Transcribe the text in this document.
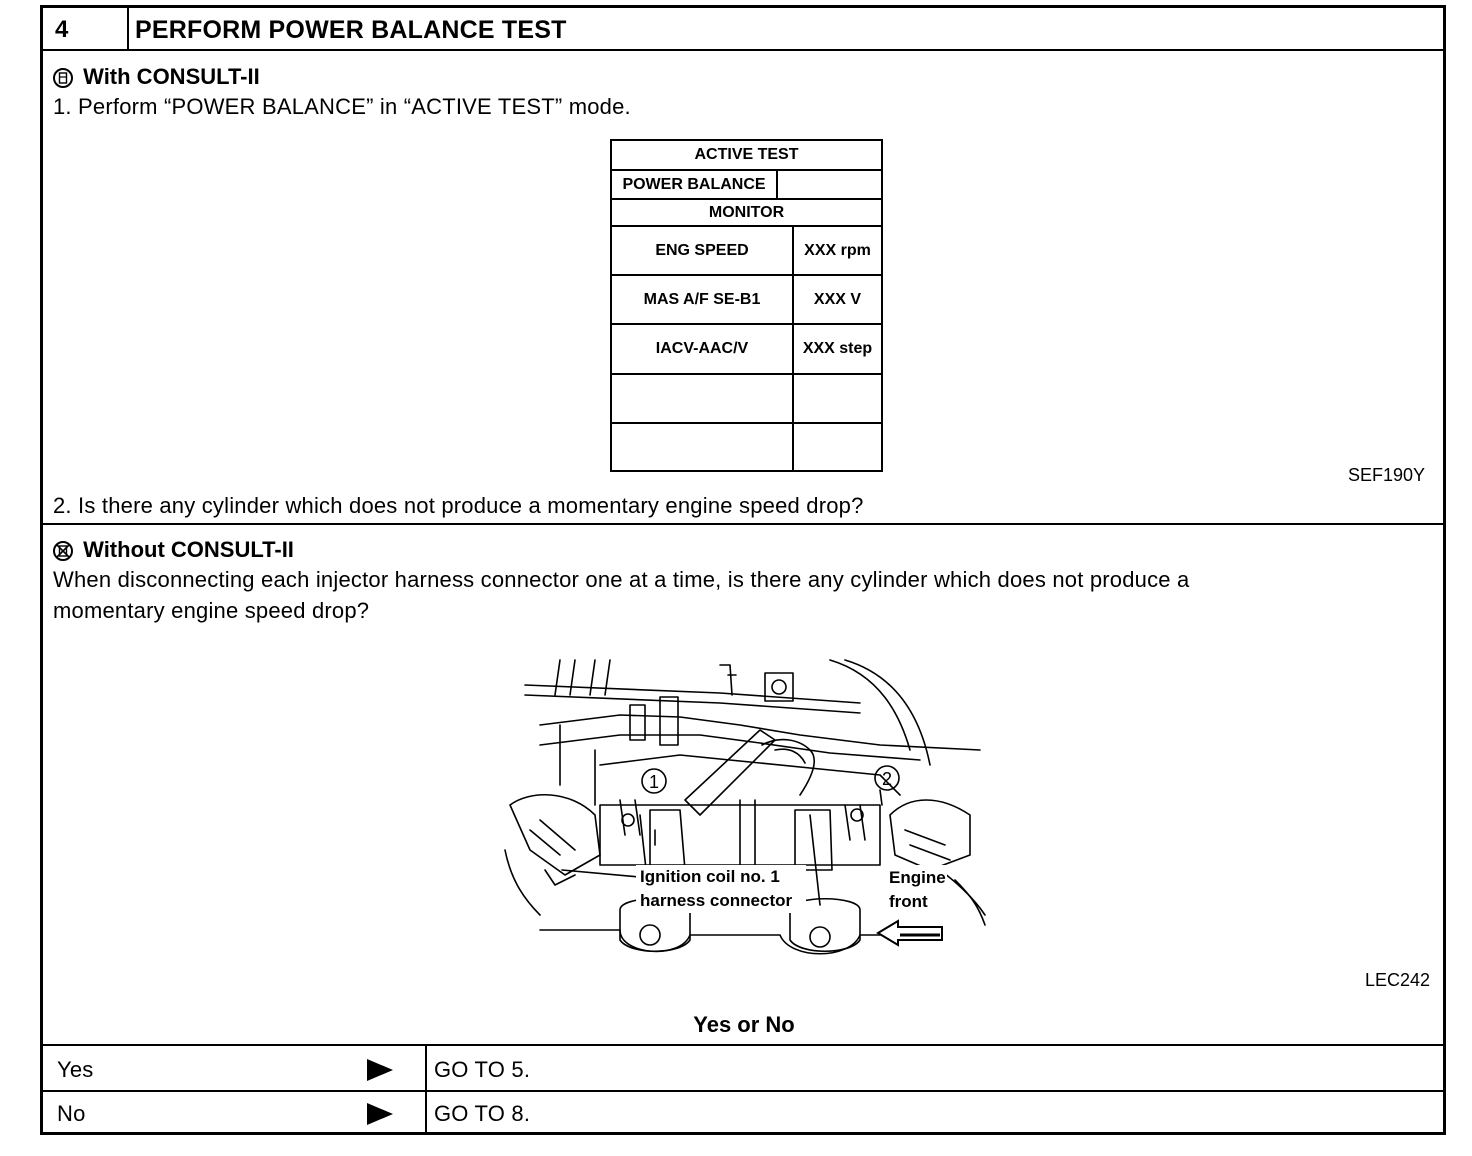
4	PERFORM POWER BALANCE TEST
With CONSULT-II
1. Perform “POWER BALANCE” in “ACTIVE TEST” mode.
ACTIVE TEST
POWER BALANCE
MONITOR
ENG SPEED	XXX rpm
MAS A/F SE-B1	XXX V
IACV-AAC/V	XXX step
SEF190Y
2. Is there any cylinder which does not produce a momentary engine speed drop?
Without CONSULT-II
When disconnecting each injector harness connector one at a time, is there any cylinder which does not produce a
momentary engine speed drop?
1	2
Ignition coil no. 1
harness connector
Engine
front
LEC242
Yes or No
Yes	GO TO 5.
No	GO TO 8.
